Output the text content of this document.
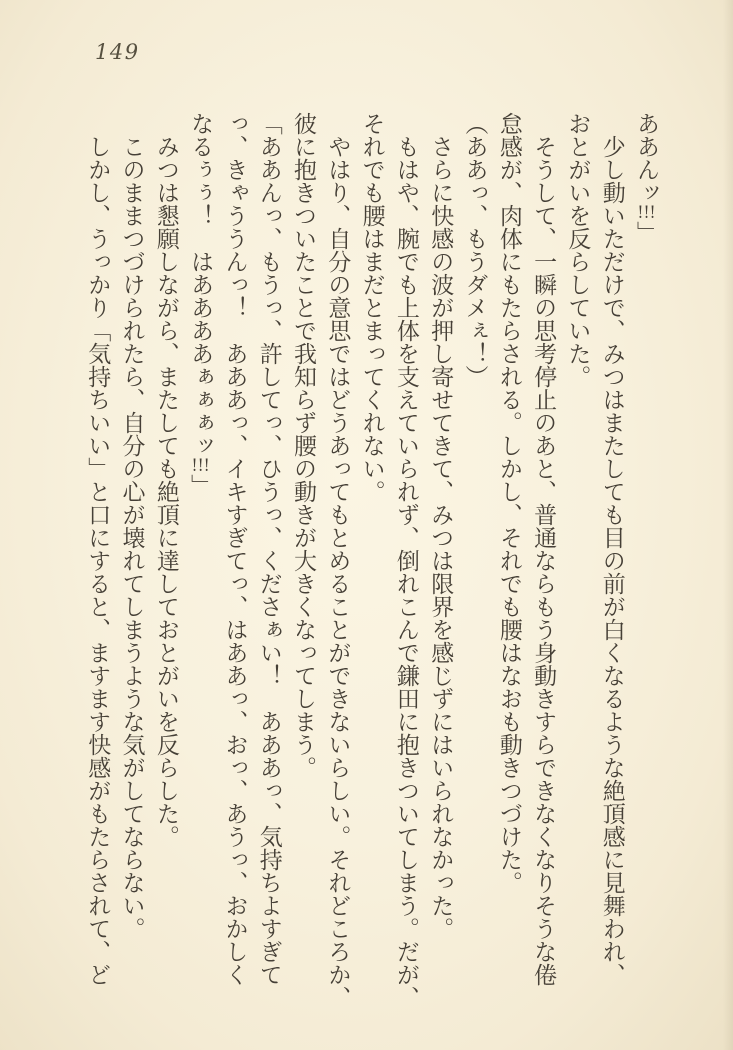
149

ああんッ!!!」

　少し動いただけで、みつはまたしても目の前が白くなるような絶頂感に見舞われ、

おとがいを反らしていた。

　そうして、一瞬の思考停止のあと、普通ならもう身動きすらできなくなりそうな倦

怠感が、肉体にもたらされる。しかし、それでも腰はなおも動きつづけた。

（ああっ、もうダメぇ！）

　さらに快感の波が押し寄せてきて、みつは限界を感じずにはいられなかった。

　もはや、腕でも上体を支えていられず、倒れこんで鎌田に抱きついてしまう。だが、

それでも腰はまだとまってくれない。

　やはり、自分の意思ではどうあってもとめることができないらしい。それどころか、

彼に抱きついたことで我知らず腰の動きが大きくなってしまう。

「ああんっ、もうっ、許してっ、ひうっ、くださぁい！　あああっ、気持ちよすぎて

っ、きゃううんっ！　あああっ、イキすぎてっ、はああっ、おっ、あうっ、おかしく

なるぅぅ！　はああああぁぁぁッ!!!」

　みつは懇願しながら、またしても絶頂に達しておとがいを反らした。

　このままつづけられたら、自分の心が壊れてしまうような気がしてならない。

　しかし、うっかり「気持ちいい」と口にすると、ますます快感がもたらされて、ど
